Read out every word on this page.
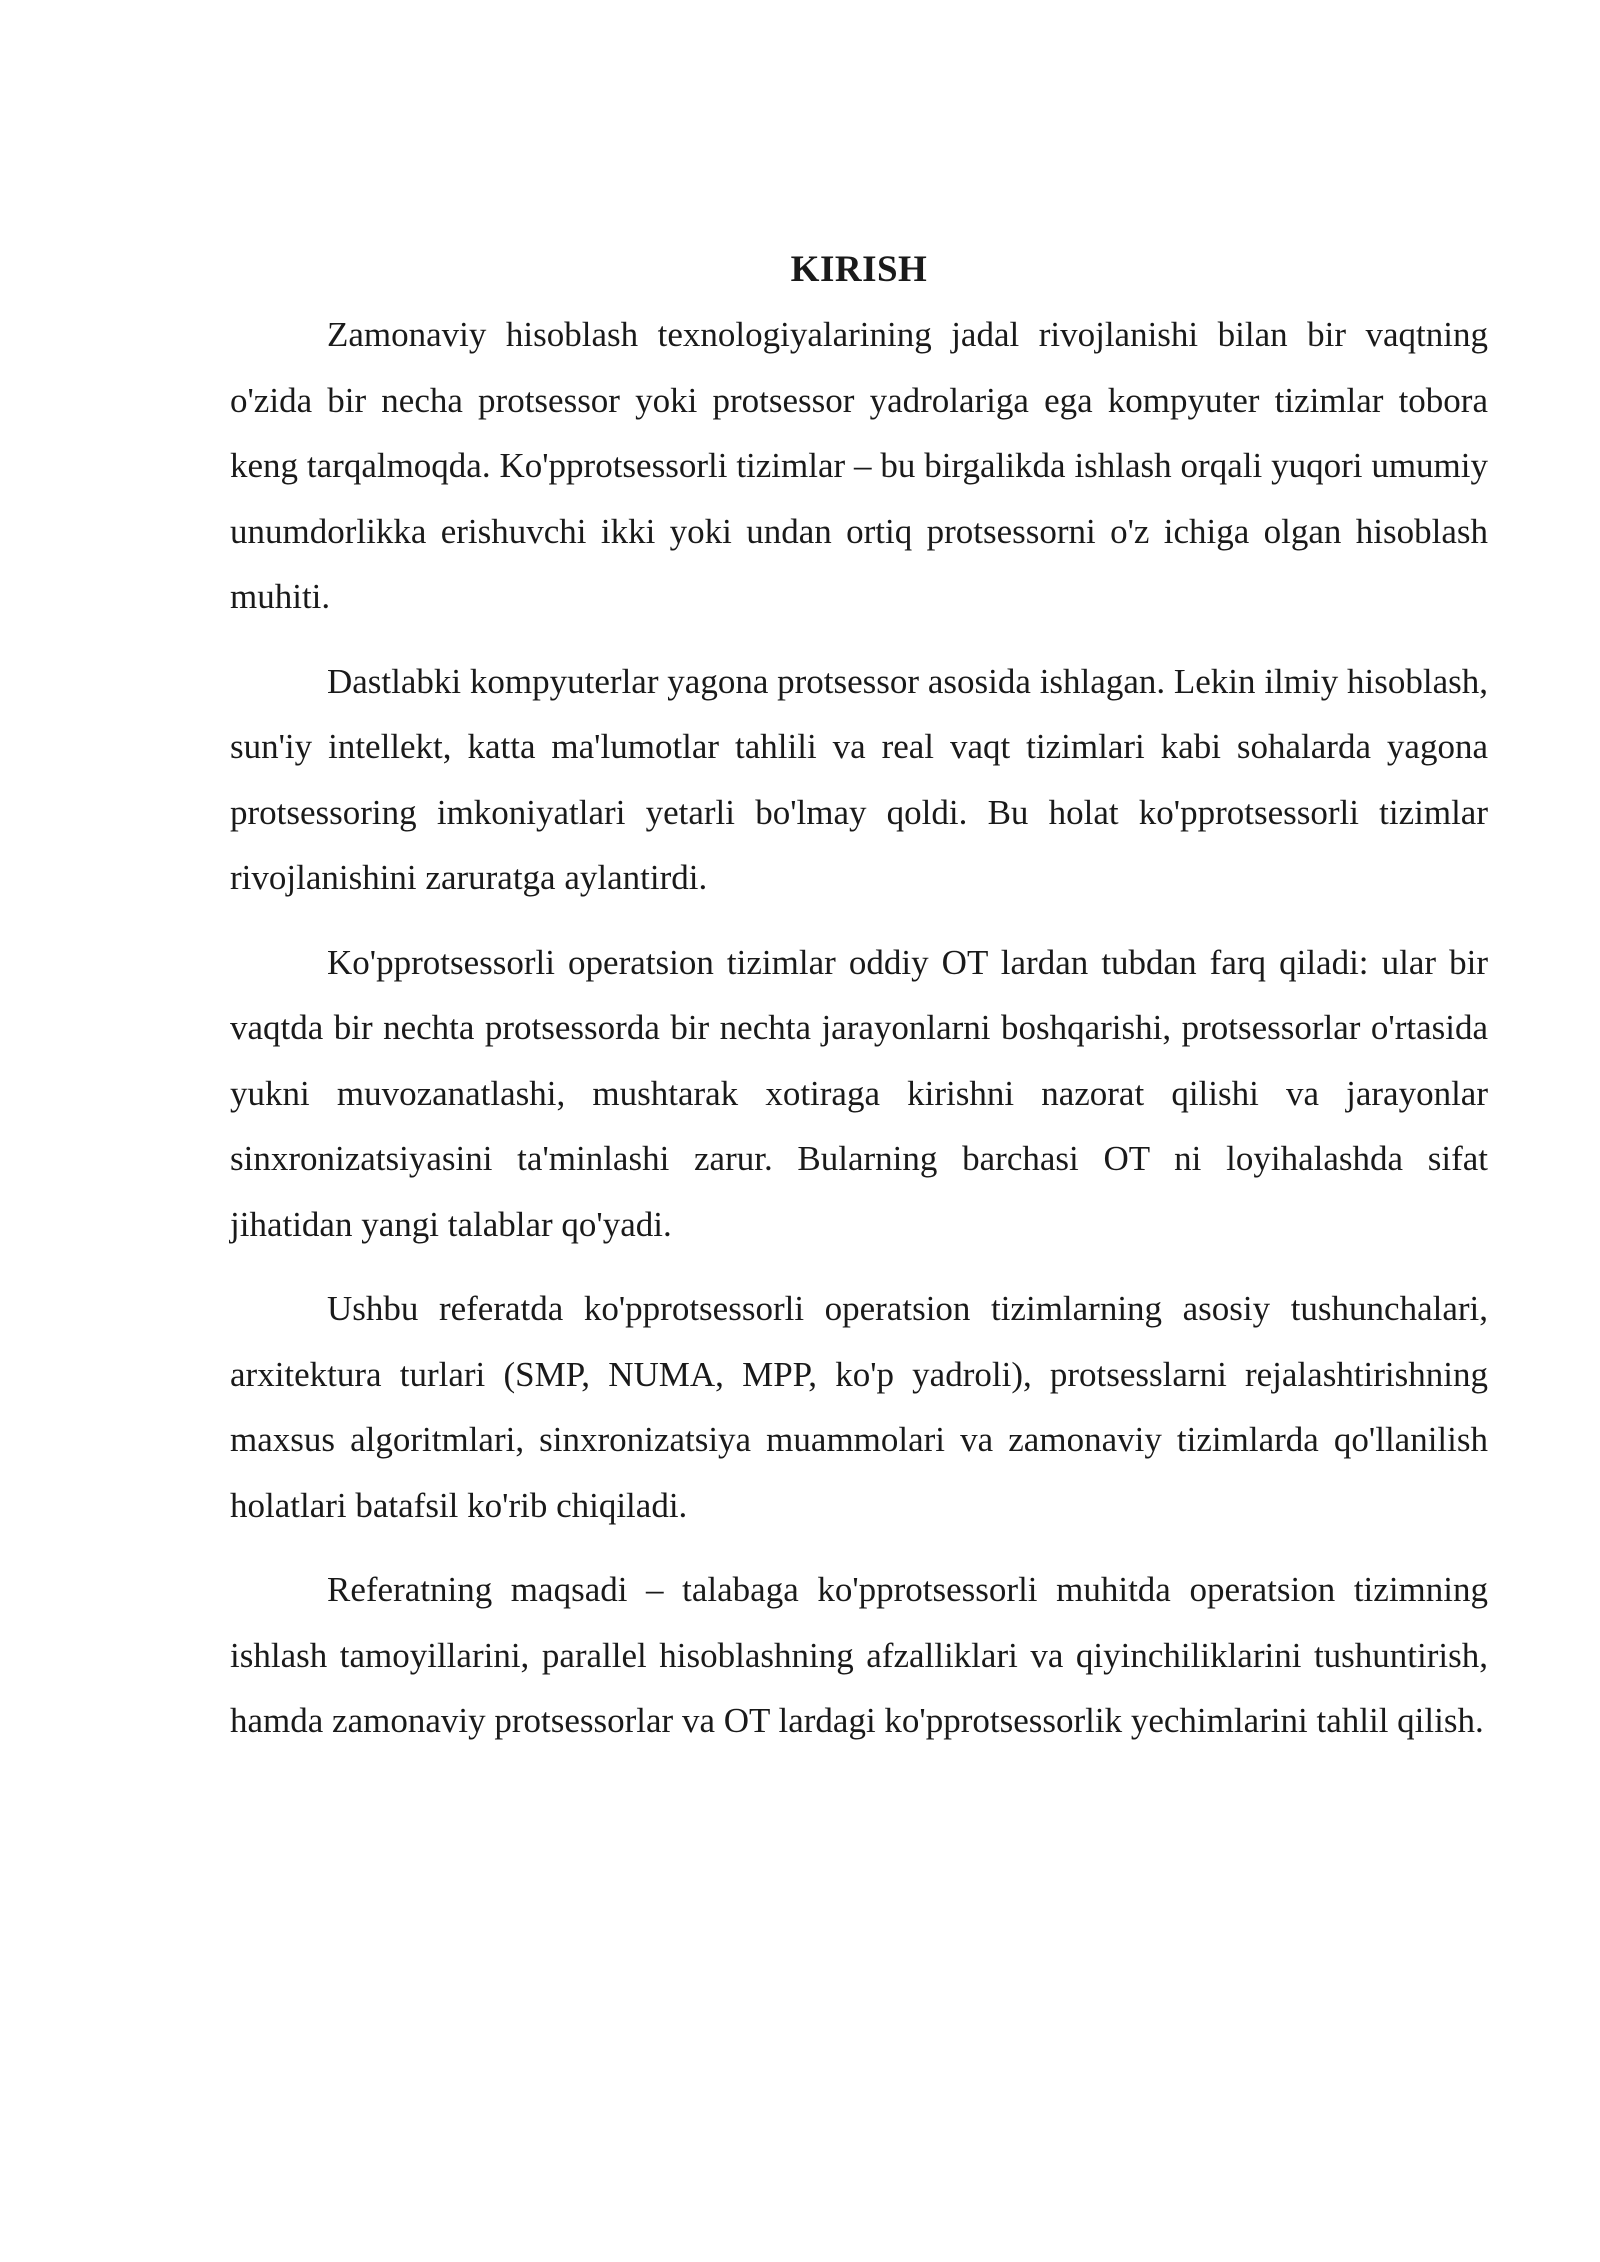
KIRISH

Zamonaviy hisoblash texnologiyalarining jadal rivojlanishi bilan bir vaqtning o'zida bir necha protsessor yoki protsessor yadrolariga ega kompyuter tizimlar tobora keng tarqalmoqda. Ko'pprotsessorli tizimlar – bu birgalikda ishlash orqali yuqori umumiy unumdorlikka erishuvchi ikki yoki undan ortiq protsessorni o'z ichiga olgan hisoblash muhiti.

Dastlabki kompyuterlar yagona protsessor asosida ishlagan. Lekin ilmiy hisoblash, sun'iy intellekt, katta ma'lumotlar tahlili va real vaqt tizimlari kabi sohalarda yagona protsessoring imkoniyatlari yetarli bo'lmay qoldi. Bu holat ko'pprotsessorli tizimlar rivojlanishini zaruratga aylantirdi.

Ko'pprotsessorli operatsion tizimlar oddiy OT lardan tubdan farq qiladi: ular bir vaqtda bir nechta protsessorda bir nechta jarayonlarni boshqarishi, protsessorlar o'rtasida yukni muvozanatlashi, mushtarak xotiraga kirishni nazorat qilishi va jarayonlar sinxronizatsiyasini ta'minlashi zarur. Bularning barchasi OT ni loyihalashda sifat jihatidan yangi talablar qo'yadi.

Ushbu referatda ko'pprotsessorli operatsion tizimlarning asosiy tushunchalari, arxitektura turlari (SMP, NUMA, MPP, ko'p yadroli), protsesslarni rejalashtirishning maxsus algoritmlari, sinxronizatsiya muammolari va zamonaviy tizimlarda qo'llanilish holatlari batafsil ko'rib chiqiladi.

Referatning maqsadi – talabaga ko'pprotsessorli muhitda operatsion tizimning ishlash tamoyillarini, parallel hisoblashning afzalliklari va qiyinchiliklarini tushuntirish, hamda zamonaviy protsessorlar va OT lardagi ko'pprotsessorlik yechimlarini tahlil qilish.
